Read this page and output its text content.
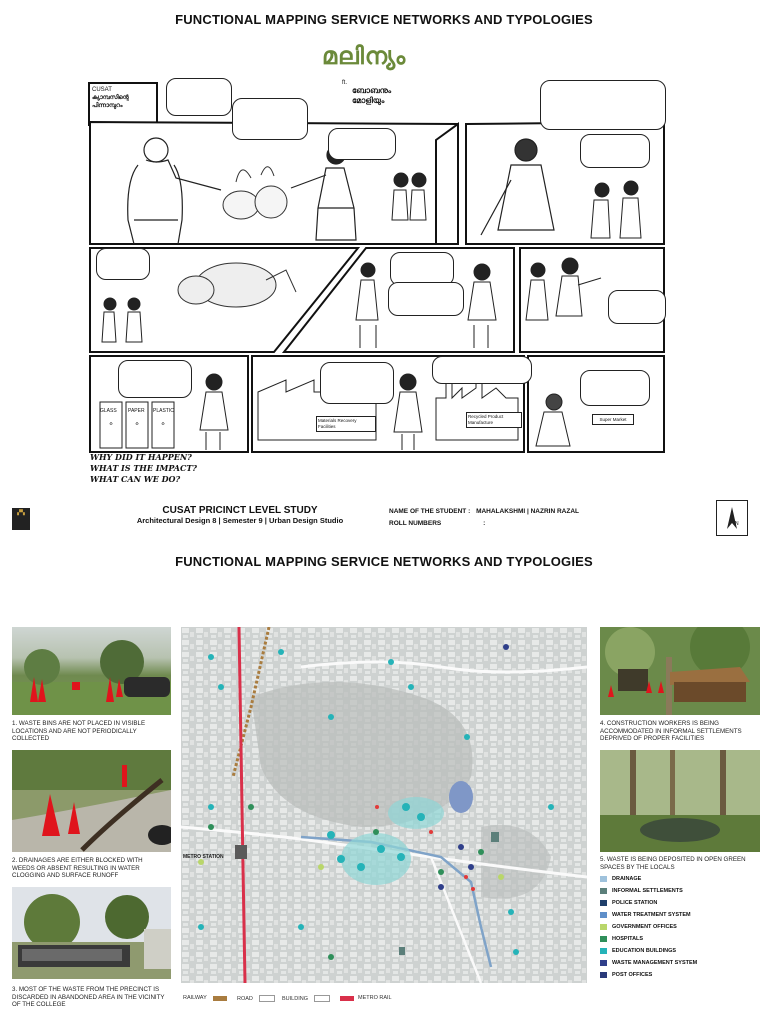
FUNCTIONAL MAPPING SERVICE NETWORKS AND TYPOLOGIES
മലിന്യം
ft.
ബോബനും മോളിയും
CUSAT
ക്യാമ്പസിന്റെ പിന്നാമ്പുറം
♻	♻	♻
GLASS PAPER PLASTIC
Materials Recovery Facilities
Recycled Product Manufacture
Super Market
WHY DID IT HAPPEN?
WHAT IS THE IMPACT?
WHAT CAN WE DO?
▞▚	CUSAT PRICINCT LEVEL STUDY
Architectural Design 8 | Semester 9 | Urban Design Studio
NAME OF THE STUDENT : MAHALAKSHMI | NAZRIN RAZAL
ROLL NUMBERS	:	N
FUNCTIONAL MAPPING SERVICE NETWORKS AND TYPOLOGIES
1. WASTE BINS ARE NOT PLACED IN VISIBLE LOCATIONS AND ARE NOT PERIODICALLY COLLECTED
2. DRAINAGES ARE EITHER BLOCKED WITH WEEDS OR ABSENT RESULTING IN WATER CLOGGING AND SURFACE RUNOFF
3. MOST OF THE WASTE FROM THE PRECINCT IS DISCARDED IN ABANDONED AREA IN THE VICINITY OF THE COLLEGE
METRO STATION
4. CONSTRUCTION WORKERS IS BEING ACCOMMODATED IN INFORMAL SETTLEMENTS DEPRIVED OF PROPER FACILITIES
5. WASTE IS BEING DEPOSITED IN OPEN GREEN SPACES BY THE LOCALS
DRAINAGE
INFORMAL SETTLEMENTS
POLICE STATION
WATER TREATMENT SYSTEM
GOVERNMENT OFFICES
HOSPITALS
EDUCATION BUILDINGS
WASTE MANAGEMENT SYSTEM
POST OFFICES
RAILWAY	ROAD	BUILDING	METRO RAIL
